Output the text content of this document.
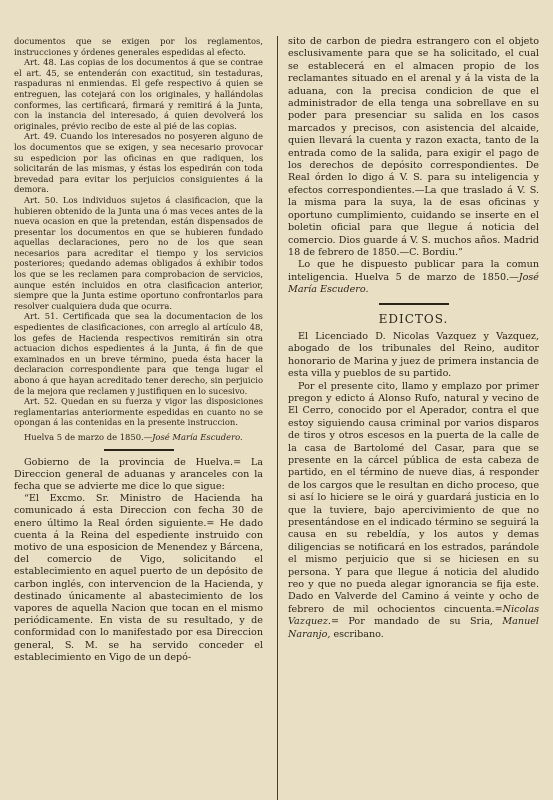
documentos que se exigen por los reglamentos, instrucciones y órdenes generales espedidas al efecto.

Art. 48. Las copias de los documentos á que se contrae el art. 45, se entenderán con exactitud, sin testaduras, raspaduras ni enmiendas. El gefe respectivo á quien se entreguen, las cotejará con los originales, y hallándolas conformes, las certificará, firmará y remitirá á la Junta, con la instancia del interesado, á quien devolverá los originales, prévio recibo de este al pié de las copias.

Art. 49. Cuando los interesados no posyeren alguno de los documentos que se exigen, y sea necesario provocar su espedicion por las oficinas en que radiquen, los solicitarán de las mismas, y éstas los espedirán con toda brevedad para evitar los perjuicios consiguientes á la demora.

Art. 50. Los individuos sujetos á clasificacion, que la hubieren obtenido de la Junta una ó mas veces antes de la nueva ocasion en que la pretendan, están dispensados de presentar los documentos en que se hubieren fundado aquellas declaraciones, pero no de los que sean necesarios para acreditar el tiempo y los servicios posteriores; quedando ademas obligados á exhibir todos los que se les reclamen para comprobacion de servicios, aunque estén incluidos en otra clasificacion anterior, siempre que la Junta estime oportuno confrontarlos para resolver cualquiera duda que ocurra.

Art. 51. Certificada que sea la documentacion de los espedientes de clasificaciones, con arreglo al artículo 48, los gefes de Hacienda respectivos remitirán sin otra actuacion dichos espedientes á la Junta, á fin de que examinados en un breve término, pueda ésta hacer la declaracion correspondiente para que tenga lugar el abono á que hayan acreditado tener derecho, sin perjuicio de la mejora que reclamen y justifiquen en lo sucesivo.

Art. 52. Quedan en su fuerza y vigor las disposiciones reglamentarias anteriormente espedidas en cuanto no se opongan á las contenidas en la presente instruccion.

Huelva 5 de marzo de 1850.—José María Escudero.

Gobierno de la provincia de Huelva.= La Direccion general de aduanas y aranceles con la fecha que se advierte me dice lo que sigue:

“El Excmo. Sr. Ministro de Hacienda ha comunicado á esta Direccion con fecha 30 de enero último la Real órden siguiente.= He dado cuenta á la Reina del espediente instruido con motivo de una esposicion de Menendez y Bárcena, del comercio de Vigo, solicitando el establecimiento en aquel puerto de un depósito de carbon inglés, con intervencion de la Hacienda, y destinado únicamente al abastecimiento de los vapores de aquella Nacion que tocan en el mismo periódicamente. En vista de su resultado, y de conformidad con lo manifestado por esa Direccion general, S. M. se ha servido conceder el establecimiento en Vigo de un depó-

sito de carbon de piedra estrangero con el objeto esclusivamente para que se ha solicitado, el cual se establecerá en el almacen propio de los reclamantes situado en el arenal y á la vista de la aduana, con la precisa condicion de que el administrador de ella tenga una sobrellave en su poder para presenciar su salida en los casos marcados y precisos, con asistencia del alcaide, quien llevará la cuenta y razon exacta, tanto de la entrada como de la salida, para exigir el pago de los derechos de depósito correspondientes. De Real órden lo digo á V. S. para su inteligencia y efectos correspondientes.—La que traslado á V. S. la misma para la suya, la de esas oficinas y oportuno cumplimiento, cuidando se inserte en el boletin oficial para que llegue á noticia del comercio. Dios guarde á V. S. muchos años. Madrid 18 de febrero de 1850.—C. Bordiu.”

Lo que he dispuesto publicar para la comun inteligencia. Huelva 5 de marzo de 1850.—José María Escudero.

EDICTOS.

El Licenciado D. Nicolas Vazquez y Vazquez, abogado de los tribunales del Reino, auditor honorario de Marina y juez de primera instancia de esta villa y pueblos de su partido.

Por el presente cito, llamo y emplazo por primer pregon y edicto á Alonso Rufo, natural y vecino de El Cerro, conocido por el Aperador, contra el que estoy siguiendo causa criminal por varios disparos de tiros y otros escesos en la puerta de la calle de la casa de Bartolomé del Casar, para que se presente en la cárcel pública de esta cabeza de partido, en el término de nueve dias, á responder de los cargos que le resultan en dicho proceso, que si así lo hiciere se le oirá y guardará justicia en lo que la tuviere, bajo apercivimiento de que no presentándose en el indicado término se seguirá la causa en su rebeldía, y los autos y demas diligencias se notificará en los estrados, parándole el mismo perjuicio que si se hiciesen en su persona. Y para que llegue á noticia del aludido reo y que no pueda alegar ignorancia se fija este. Dado en Valverde del Camino á veinte y ocho de febrero de mil ochocientos cincuenta.=Nicolas Vazquez.= Por mandado de su Sria, Manuel Naranjo, escribano.
